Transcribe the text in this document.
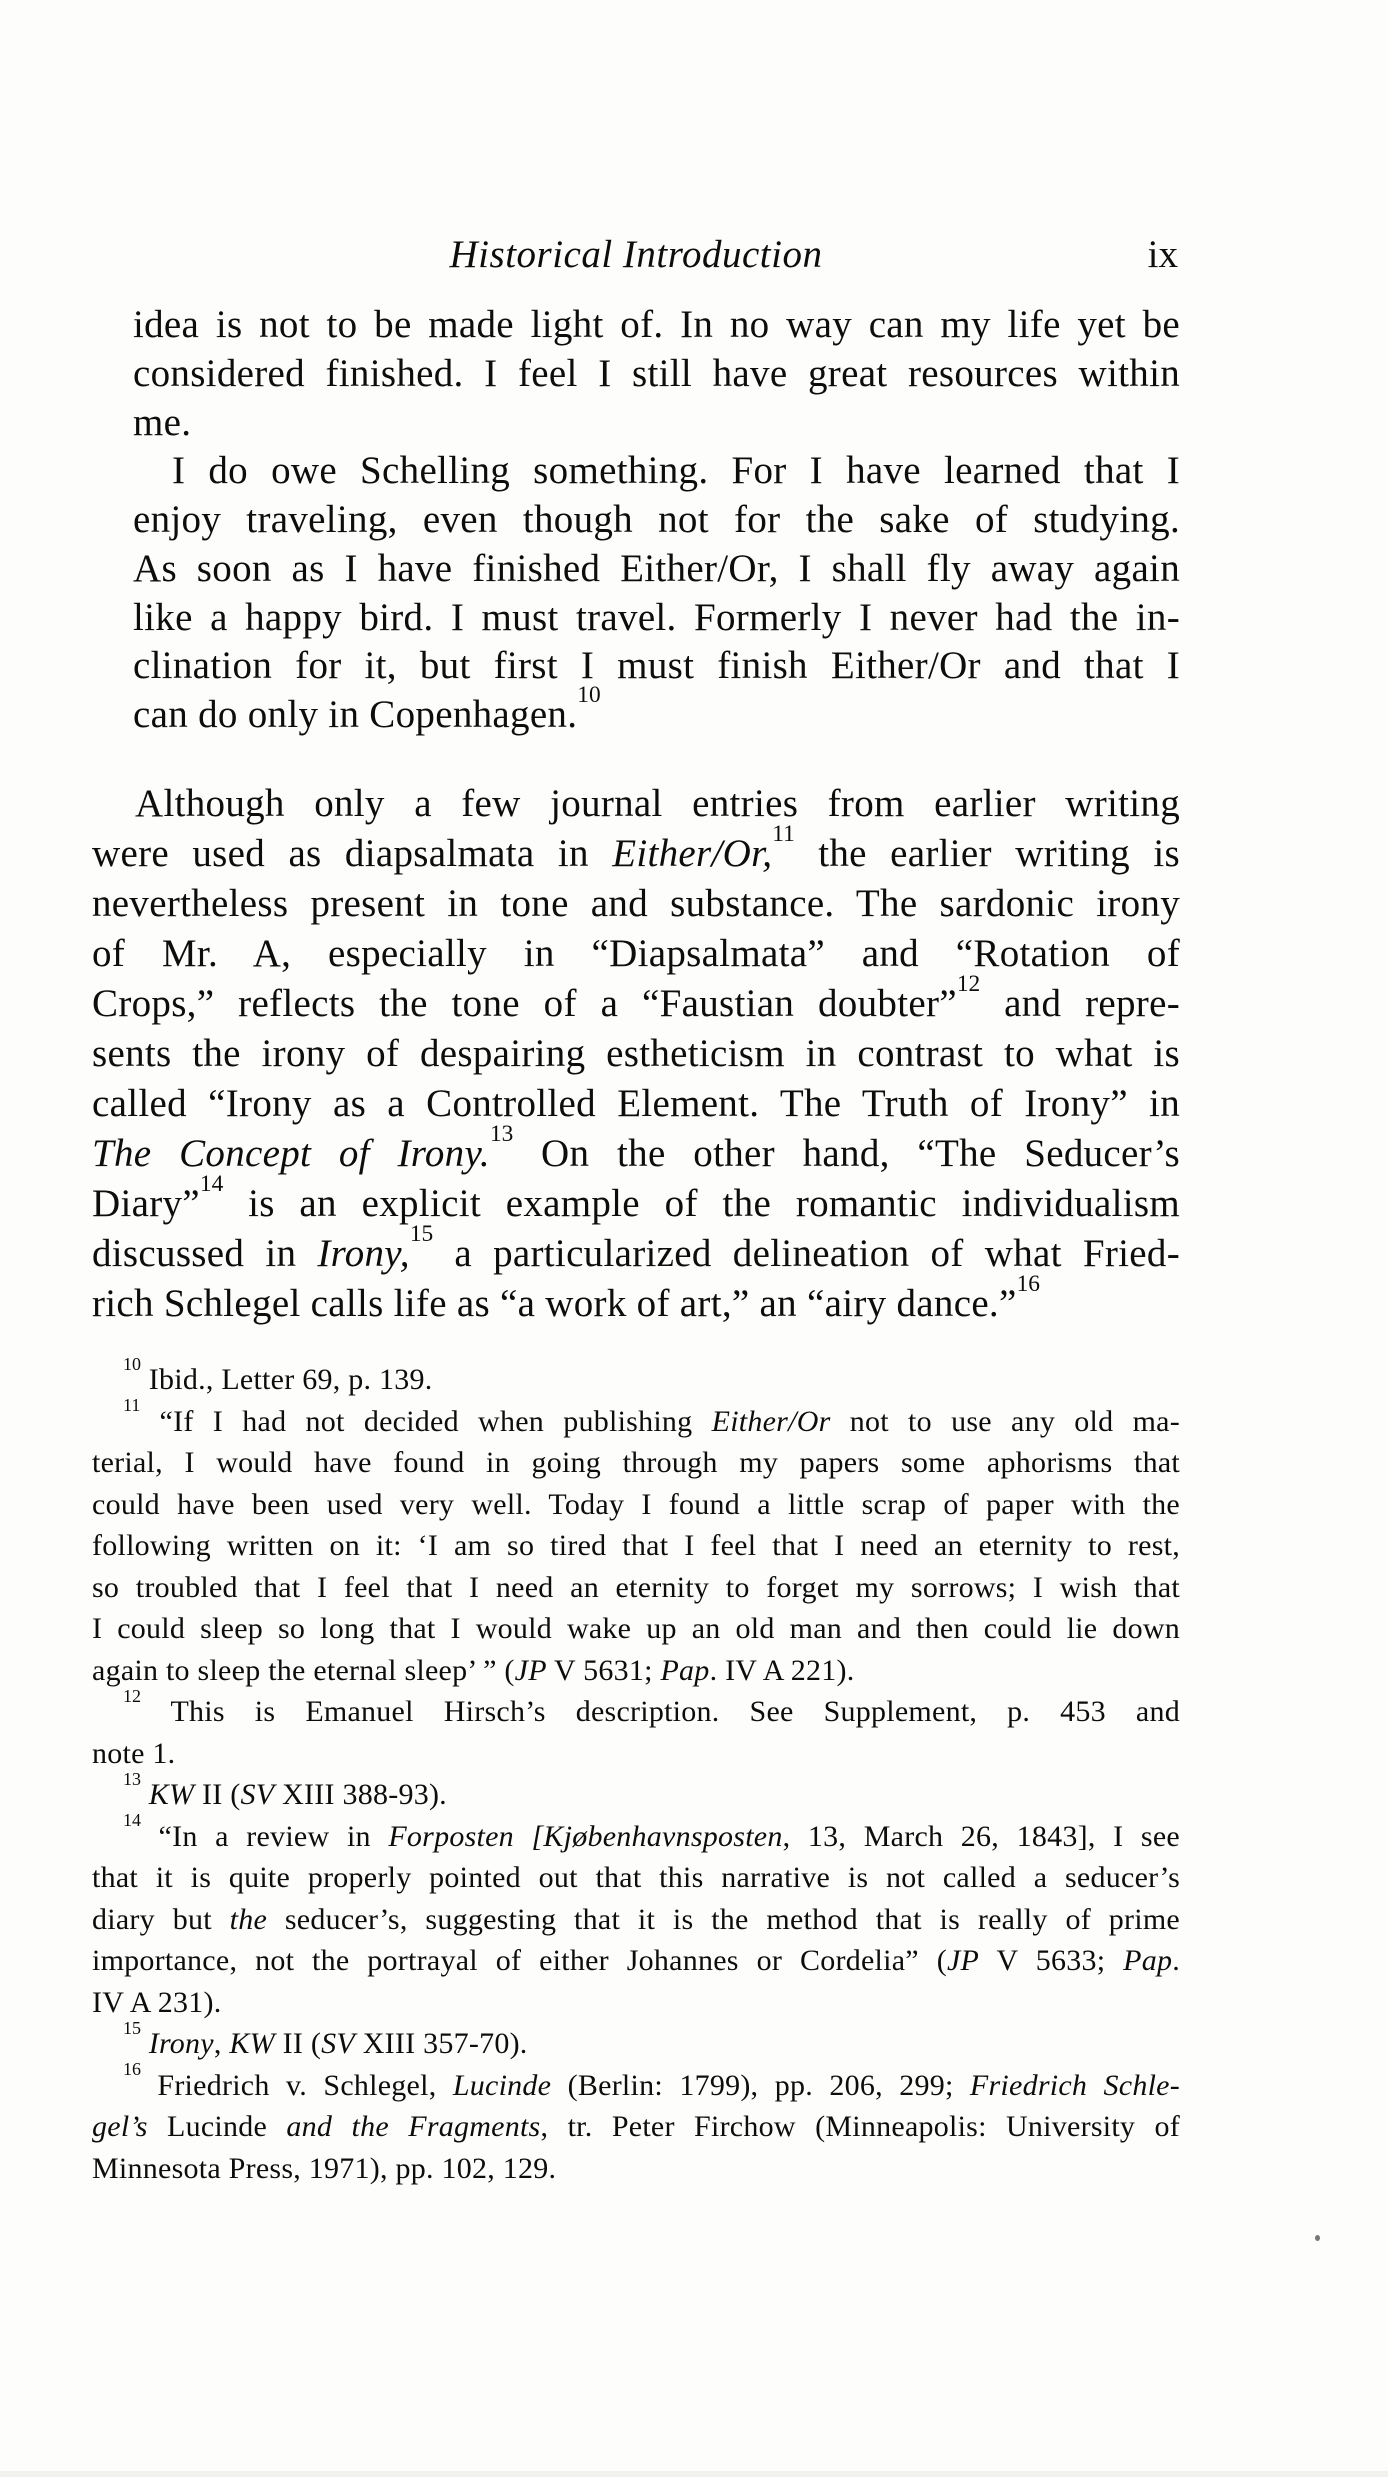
Historical Introduction	ix
idea is not to be made light of. In no way can my life yet be
considered finished. I feel I still have great resources within
me.
I do owe Schelling something. For I have learned that I
enjoy traveling, even though not for the sake of studying.
As soon as I have finished Either/Or, I shall fly away again
like a happy bird. I must travel. Formerly I never had the in-
clination for it, but first I must finish Either/Or and that I
can do only in Copenhagen.$^{10}$
Although only a few journal entries from earlier writing
were used as diapsalmata in Either/Or,$^{11}$ the earlier writing is
nevertheless present in tone and substance. The sardonic irony
of Mr. A, especially in “Diapsalmata” and “Rotation of
Crops,” reflects the tone of a “Faustian doubter”$^{12}$ and repre-
sents the irony of despairing estheticism in contrast to what is
called “Irony as a Controlled Element. The Truth of Irony” in
The Concept of Irony.$^{13}$ On the other hand, “The Seducer’s
Diary”$^{14}$ is an explicit example of the romantic individualism
discussed in Irony,$^{15}$ a particularized delineation of what Fried-
rich Schlegel calls life as “a work of art,” an “airy dance.”$^{16}$
$^{10}$ Ibid., Letter 69, p. 139.
$^{11}$ “If I had not decided when publishing Either/Or not to use any old ma-
terial, I would have found in going through my papers some aphorisms that
could have been used very well. Today I found a little scrap of paper with the
following written on it: ‘I am so tired that I feel that I need an eternity to rest,
so troubled that I feel that I need an eternity to forget my sorrows; I wish that
I could sleep so long that I would wake up an old man and then could lie down
again to sleep the eternal sleep’ ” (JP V 5631; Pap. IV A 221).
$^{12}$ This is Emanuel Hirsch’s description. See Supplement, p. 453 and
note 1.
$^{13}$ KW II (SV XIII 388-93).
$^{14}$ “In a review in Forposten [Kjøbenhavnsposten, 13, March 26, 1843], I see
that it is quite properly pointed out that this narrative is not called a seducer’s
diary but the seducer’s, suggesting that it is the method that is really of prime
importance, not the portrayal of either Johannes or Cordelia” (JP V 5633; Pap.
IV A 231).
$^{15}$ Irony, KW II (SV XIII 357-70).
$^{16}$ Friedrich v. Schlegel, Lucinde (Berlin: 1799), pp. 206, 299; Friedrich Schle-
gel’s Lucinde and the Fragments, tr. Peter Firchow (Minneapolis: University of
Minnesota Press, 1971), pp. 102, 129.
